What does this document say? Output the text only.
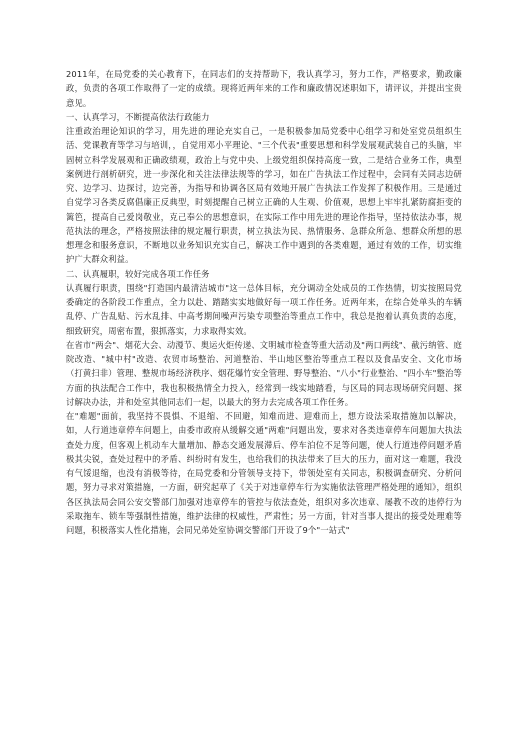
2011年，在局党委的关心教育下，在同志们的支持帮助下，我认真学习，努力工作，严格要求，勤政廉政，负责的各项工作取得了一定的成绩。现将近两年来的工作和廉政情况述职如下，请评议，并提出宝贵意见。

一、认真学习，不断提高依法行政能力

注重政治理论知识的学习，用先进的理论充实自己，一是积极参加局党委中心组学习和处室党员组织生活、党课教育等学习与培训，，自觉用邓小平理论、"三个代表"重要思想和科学发展观武装自己的头脑，牢固树立科学发展观和正确政绩观，政治上与党中央、上级党组织保持高度一致，二是结合业务工作，典型案例进行剖析研究，进一步深化和关注法律法规等的学习，如在广告执法工作过程中，会同有关同志边研究、边学习、边探讨，边完善，为指导和协调各区局有效地开展广告执法工作发挥了积极作用。三是通过自觉学习各类反腐倡廉正反典型，时刻提醒自己树立正确的人生观、价值观，思想上牢牢扎紧防腐拒变的篱笆，提高自己爱岗敬业，克己奉公的思想意识，在实际工作中用先进的理论作指导，坚持依法办事，规范执法的理念，严格按照法律的规定履行职责，树立执法为民、热情服务、急群众所急、想群众所想的思想理念和服务意识，不断地以业务知识充实自己，解决工作中遇到的各类难题，通过有效的工作，切实维护广大群众利益。

二、认真履职，较好完成各项工作任务

认真履行职责，围绕"打造国内最清洁城市"这一总体目标，充分调动全处成员的工作热情，切实按照局党委确定的各阶段工作重点，全力以赴、踏踏实实地做好每一项工作任务。近两年来，在综合处单头的车辆乱停、广告乱贴、污水乱排、中高考期间噪声污染专项整治等重点工作中，我总是抱着认真负责的态度，细致研究，周密布置，狠抓落实，力求取得实效。

在省市"两会"、烟花大会、动漫节、奥运火炬传递、文明城市检查等重大活动及"两口两线"、截污纳管、庭院改造、"城中村"改造、农贸市场整治、河道整治、半山地区整治等重点工程以及食品安全、文化市场（打黄扫非）管理、整规市场经济秩序、烟花爆竹安全管理、野导整治、"八小"行业整治、"四小车"整治等方面的执法配合工作中，我也积极热情全力投入，经常到一线实地踏看，与区局的同志现场研究问题、探讨解决办法，并和处室其他同志们一起，以最大的努力去完成各项工作任务。

在"难题"面前，我坚持不畏惧、不退缩、不回避，知难而进、迎难而上，想方设法采取措施加以解决，如，人行道违章停车问题上，由委市政府从缓解交通"两难"问题出发，要求对各类违章停车问题加大执法查处力度，但客观上机动车大量增加、静态交通发展滞后、停车泊位不足等问题，使人行道违停问题矛盾极其尖锐，查处过程中的矛盾、纠纷时有发生，也给我们的执法带来了巨大的压力，面对这一难题，我没有气馁退缩，也没有消极等待，在局党委和分管领导支持下，带领处室有关同志，积极调查研究、分析问题，努力寻求对策措施，一方面，研究起草了《关于对违章停车行为实施依法管理严格处理的通知》，组织各区执法局会同公安交警部门加强对违章停车的管控与依法查处，组织对多次违章、屡教不改的违停行为采取拖车、锁车等强制性措施，维护法律的权威性，严肃性；另一方面，针对当事人提出的接受处理难等问题，积极落实人性化措施，会同兄弟处室协调交警部门开设了9个"一站式"
